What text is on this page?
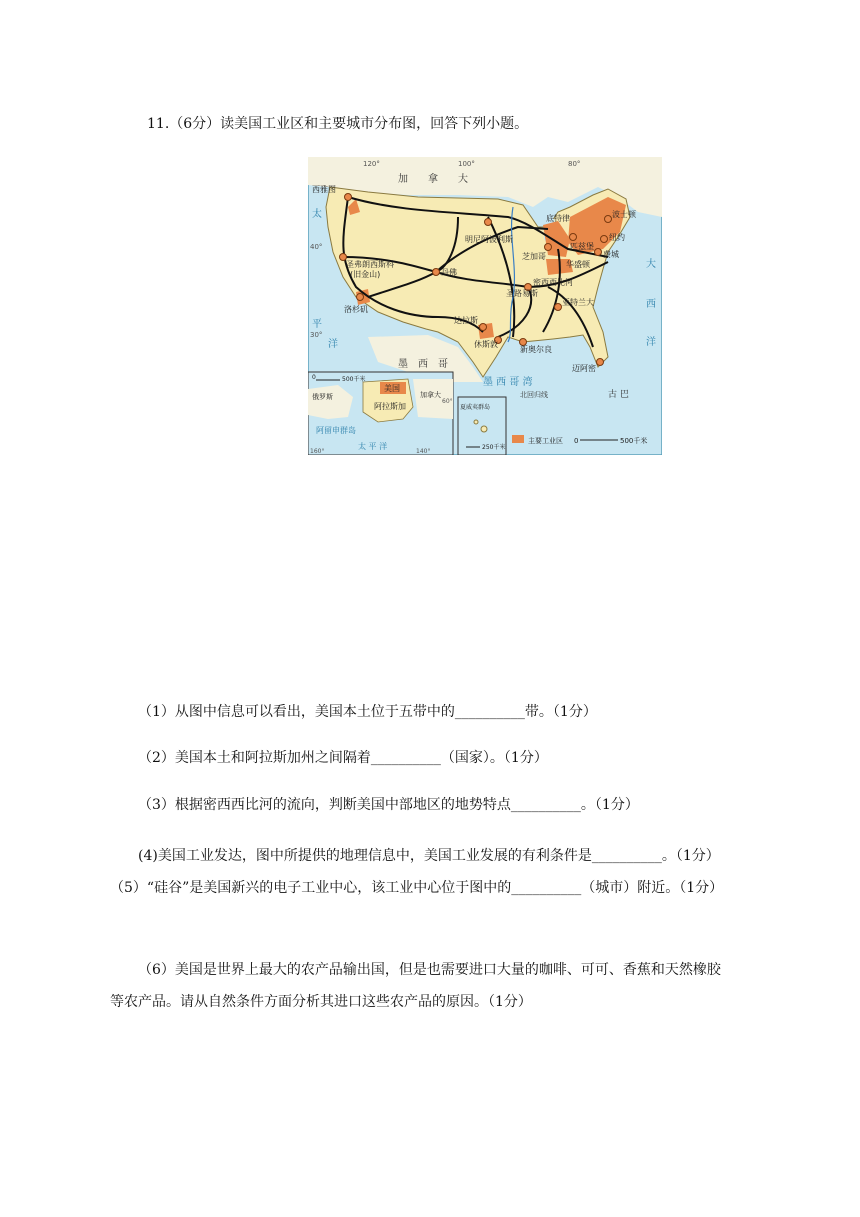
11.（6分）读美国工业区和主要城市分布图，回答下列小题。
西雅图
圣弗朗西斯科
(旧金山)
洛杉矶
丹佛
明尼阿波利斯
芝加哥
底特律
匹兹堡
波士顿
纽约
费城
华盛顿
圣路易斯
亚特兰大
达拉斯
休斯敦
新奥尔良
迈阿密
密西西比河
加　　拿　　大
墨　西　哥
太
平
洋
大
西
洋
墨 西 哥 湾
北回归线	古 巴
120°	100°	80°
40°
30°
美国
阿拉斯加
俄罗斯	加拿大
阿留申群岛
太 平 洋
0	500千米
160°	140°
60°
夏威夷群岛
250千米
主要工业区 0	500千米
（1）从图中信息可以看出，美国本土位于五带中的__________带。（1分）
（2）美国本土和阿拉斯加州之间隔着__________（国家）。（1分）
（3）根据密西西比河的流向，判断美国中部地区的地势特点__________。（1分）
(4)美国工业发达，图中所提供的地理信息中，美国工业发展的有利条件是__________。（1分）（5）“硅谷”是美国新兴的电子工业中心，该工业中心位于图中的__________（城市）附近。（1分）
（6）美国是世界上最大的农产品输出国，但是也需要进口大量的咖啡、可可、香蕉和天然橡胶等农产品。请从自然条件方面分析其进口这些农产品的原因。（1分）
